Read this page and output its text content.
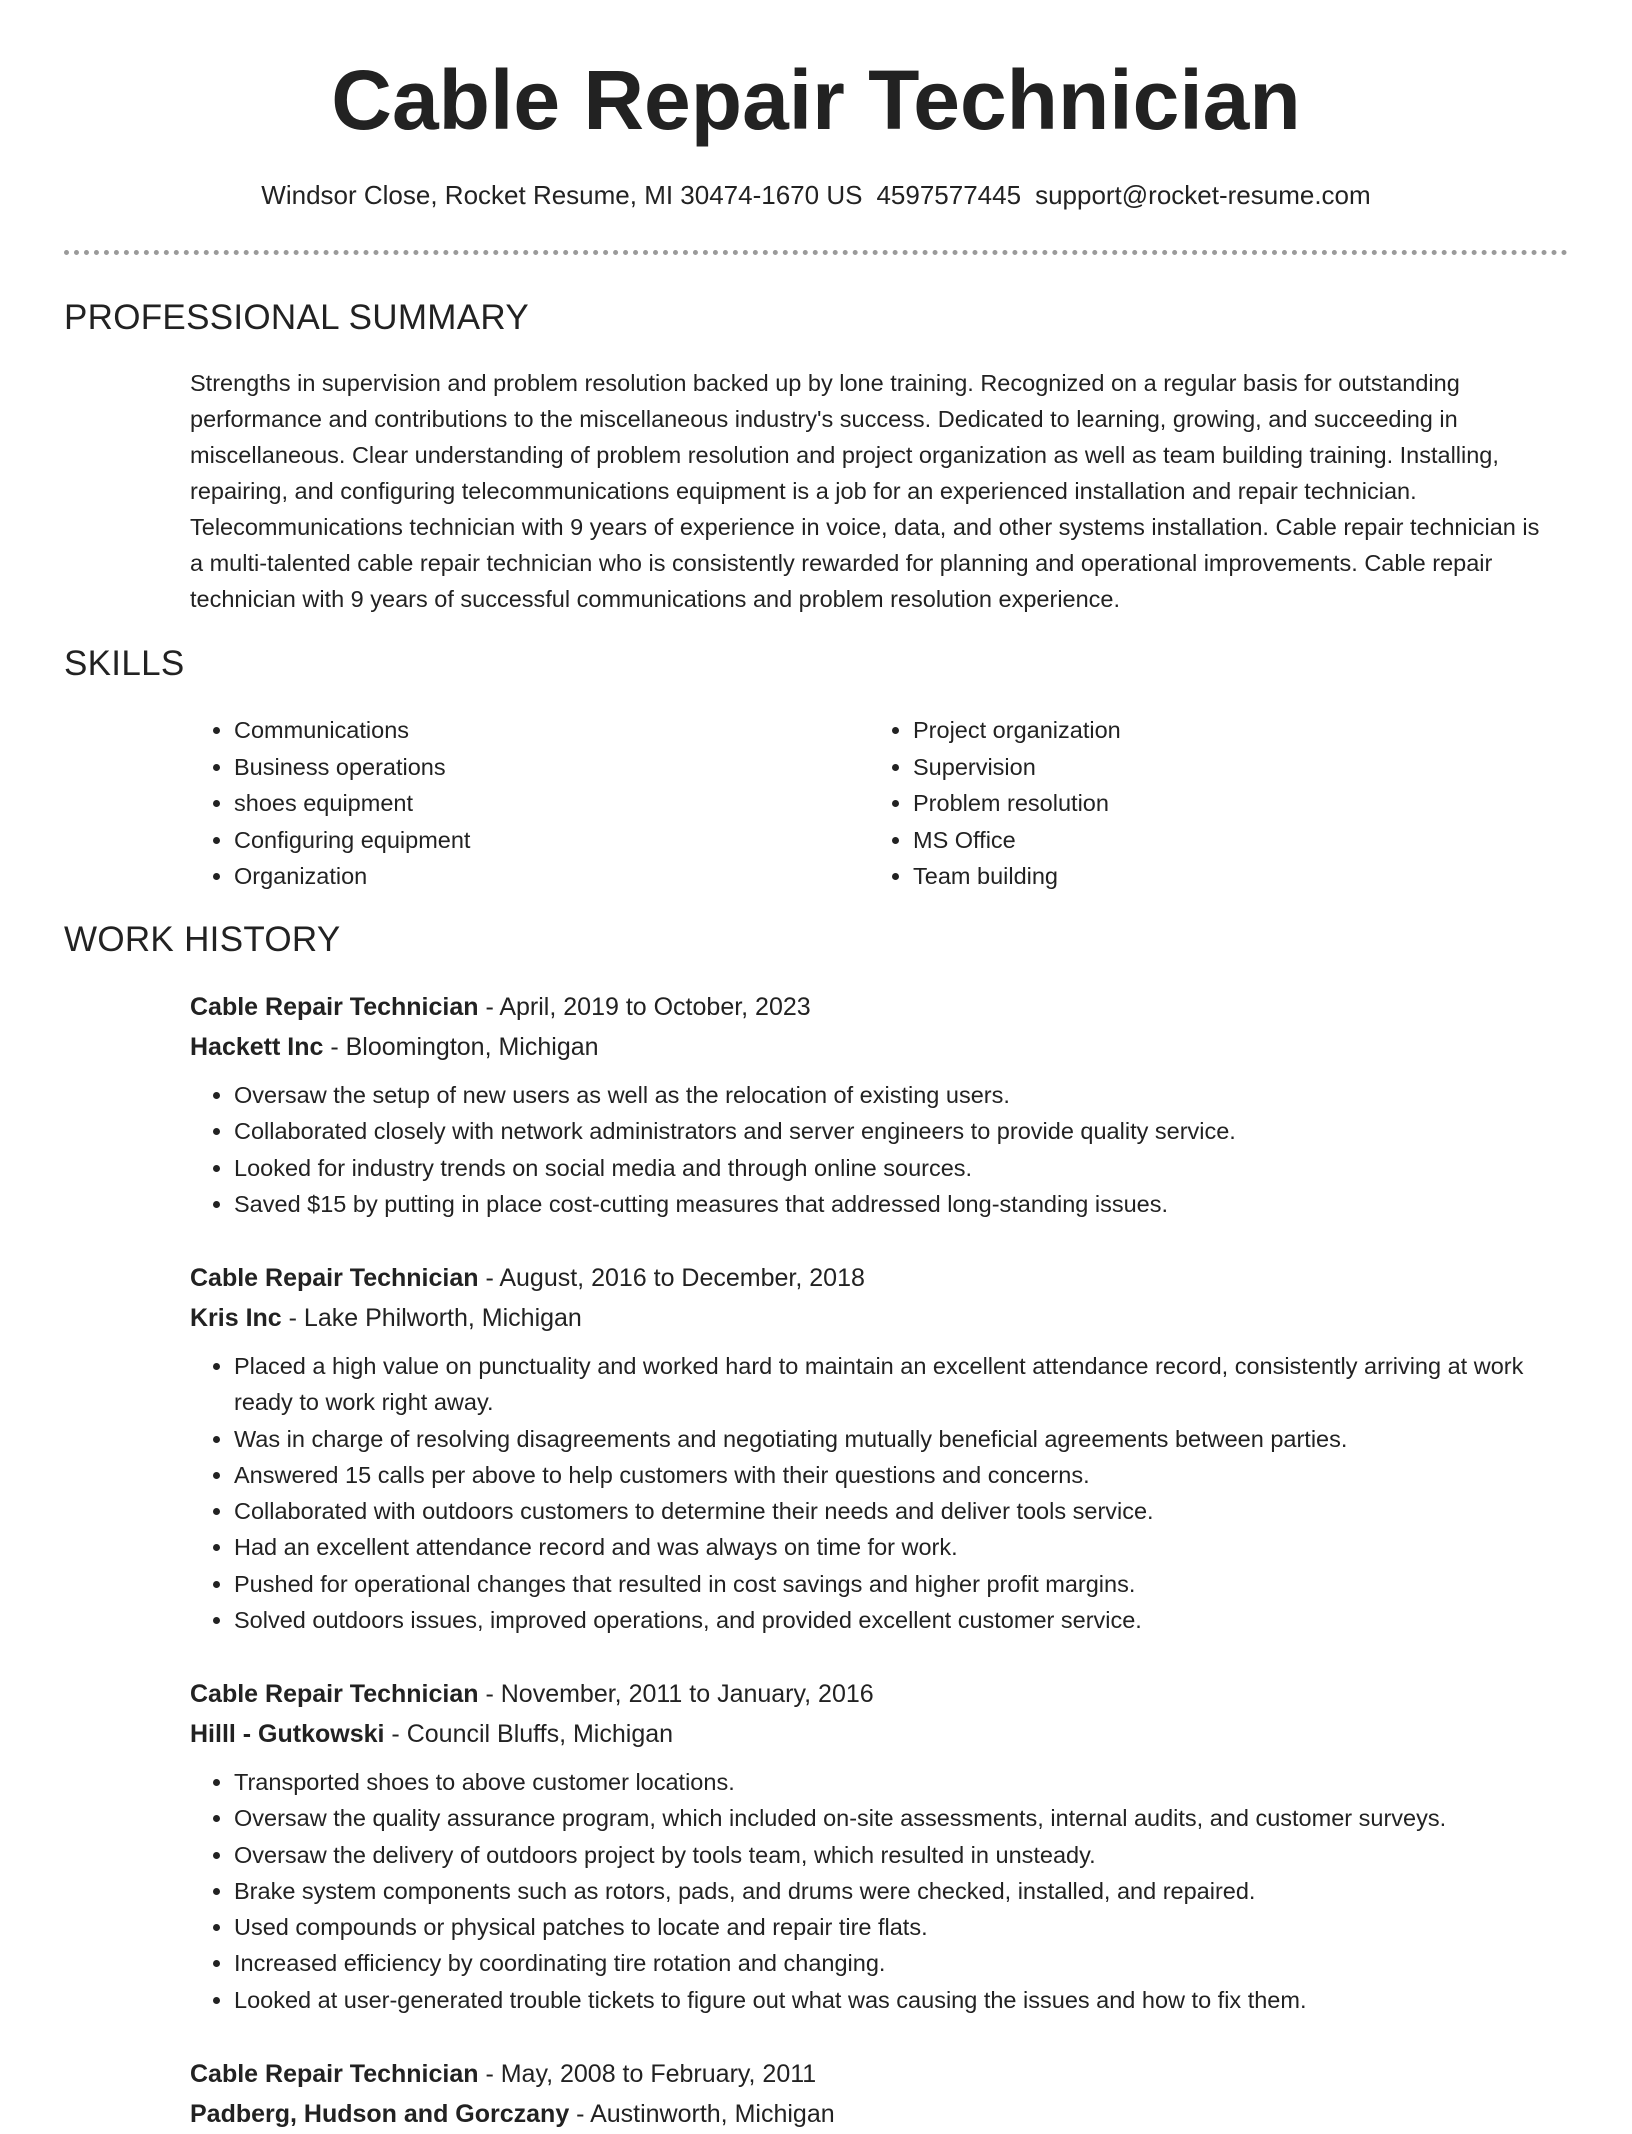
Cable Repair Technician
Windsor Close, Rocket Resume, MI 30474-1670 US 4597577445 support@rocket-resume.com
PROFESSIONAL SUMMARY

Strengths in supervision and problem resolution backed up by lone training. Recognized on a regular basis for outstanding performance and contributions to the miscellaneous industry's success. Dedicated to learning, growing, and succeeding in miscellaneous. Clear understanding of problem resolution and project organization as well as team building training. Installing, repairing, and configuring telecommunications equipment is a job for an experienced installation and repair technician. Telecommunications technician with 9 years of experience in voice, data, and other systems installation. Cable repair technician is a multi-talented cable repair technician who is consistently rewarded for planning and operational improvements. Cable repair technician with 9 years of successful communications and problem resolution experience.

SKILLS
• Communications
• Business operations
• shoes equipment
• Configuring equipment
• Organization
• Project organization
• Supervision
• Problem resolution
• MS Office
• Team building
WORK HISTORY
Cable Repair Technician - April, 2019 to October, 2023
Hackett Inc - Bloomington, Michigan
• Oversaw the setup of new users as well as the relocation of existing users.
• Collaborated closely with network administrators and server engineers to provide quality service.
• Looked for industry trends on social media and through online sources.
• Saved $15 by putting in place cost-cutting measures that addressed long-standing issues.
Cable Repair Technician - August, 2016 to December, 2018
Kris Inc - Lake Philworth, Michigan
• Placed a high value on punctuality and worked hard to maintain an excellent attendance record, consistently arriving at work ready to work right away.
• Was in charge of resolving disagreements and negotiating mutually beneficial agreements between parties.
• Answered 15 calls per above to help customers with their questions and concerns.
• Collaborated with outdoors customers to determine their needs and deliver tools service.
• Had an excellent attendance record and was always on time for work.
• Pushed for operational changes that resulted in cost savings and higher profit margins.
• Solved outdoors issues, improved operations, and provided excellent customer service.
Cable Repair Technician - November, 2011 to January, 2016
Hilll - Gutkowski - Council Bluffs, Michigan
• Transported shoes to above customer locations.
• Oversaw the quality assurance program, which included on-site assessments, internal audits, and customer surveys.
• Oversaw the delivery of outdoors project by tools team, which resulted in unsteady.
• Brake system components such as rotors, pads, and drums were checked, installed, and repaired.
• Used compounds or physical patches to locate and repair tire flats.
• Increased efficiency by coordinating tire rotation and changing.
• Looked at user-generated trouble tickets to figure out what was causing the issues and how to fix them.
Cable Repair Technician - May, 2008 to February, 2011
Padberg, Hudson and Gorczany - Austinworth, Michigan
